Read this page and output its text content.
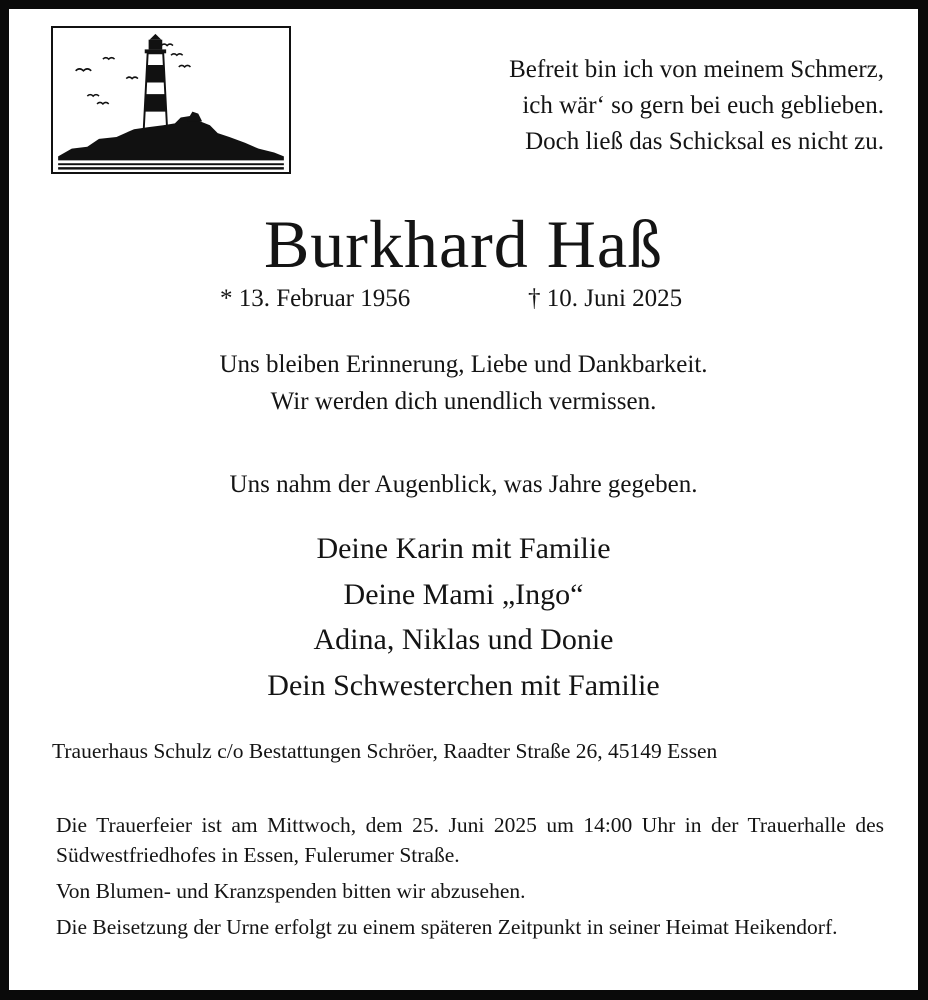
Befreit bin ich von meinem Schmerz,
ich wär‘ so gern bei euch geblieben.
Doch ließ das Schicksal es nicht zu.
Burkhard Haß
* 13. Februar 1956	† 10. Juni 2025
Uns bleiben Erinnerung, Liebe und Dankbarkeit.
Wir werden dich unendlich vermissen.
Uns nahm der Augenblick, was Jahre gegeben.
Deine Karin mit Familie
Deine Mami „Ingo“
Adina, Niklas und Donie
Dein Schwesterchen mit Familie
Trauerhaus Schulz c/o Bestattungen Schröer, Raadter Straße 26, 45149 Essen

Die Trauerfeier ist am Mittwoch, dem 25. Juni 2025 um 14:00 Uhr in der Trauerhalle des Südwestfriedhofes in Essen, Fulerumer Straße.

Von Blumen- und Kranzspenden bitten wir abzusehen.

Die Beisetzung der Urne erfolgt zu einem späteren Zeitpunkt in seiner Heimat Heikendorf.
